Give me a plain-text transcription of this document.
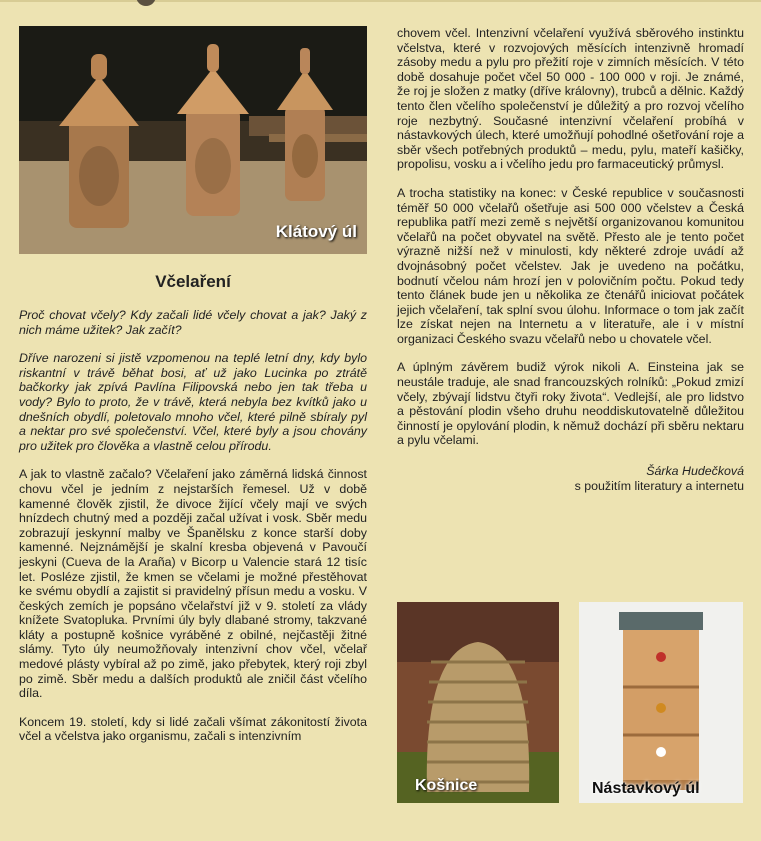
Klátový úl
Včelaření

Proč chovat včely? Kdy začali lidé včely chovat a jak? Jaký z nich máme užitek? Jak začít?

Dříve narozeni si jistě vzpomenou na teplé letní dny, kdy bylo riskantní v trávě běhat bosi, ať už jako Lucinka po ztrátě bačkorky jak zpívá Pavlína Filipovská nebo jen tak třeba u vody? Bylo to proto, že v trávě, která nebyla bez kvítků jako u dnešních obydlí, poletovalo mnoho včel, které pilně sbíraly pyl a nektar pro své společenství. Včel, které byly a jsou chovány pro užitek pro člověka a vlastně celou přírodu.

A jak to vlastně začalo? Včelaření jako záměrná lidská činnost chovu včel je jedním z nejstarších řemesel. Už v době kamenné člověk zjistil, že divoce žijící včely mají ve svých hnízdech chutný med a později začal užívat i vosk. Sběr medu zobrazují jeskynní malby ve Španělsku z konce starší doby kamenné. Nejznámější je skalní kresba objevená v Pavoučí jeskyni (Cueva de la Araña) v Bicorp u Valencie stará 12 tisíc let. Posléze zjistil, že kmen se včelami je možné přestěhovat ke svému obydlí a zajistit si pravidelný přísun medu a vosku. V českých zemích je popsáno včelařství již v 9. století za vlády knížete Svatopluka. Prvními úly byly dlabané stromy, takzvané kláty a postupně košnice vyráběné z obilné, nejčastěji žitné slámy. Tyto úly neumožňovaly intenzivní chov včel, včelař medové plásty vybíral až po zimě, jako přebytek, který roji zbyl po zimě. Sběr medu a dalších produktů ale zničil část včelího díla.

Koncem 19. století, kdy si lidé začali všímat zákonitostí života včel a včelstva jako organismu, začali s intenzivním

chovem včel. Intenzivní včelaření využívá sběrového instinktu včelstva, které v rozvojových měsících intenzivně hromadí zásoby medu a pylu pro přežití roje v zimních měsících. V této době dosahuje počet včel 50 000 - 100 000 v roji. Je známé, že roj je složen z matky (dříve královny), trubců a dělnic. Každý tento člen včelího společenství je důležitý a pro rozvoj včelího roje nezbytný. Současné intenzivní včelaření probíhá v nástavkových úlech, které umožňují pohodlné ošetřování roje a sběr všech potřebných produktů – medu, pylu, mateří kašičky, propolisu, vosku a i včelího jedu pro farmaceutický průmysl.

A trocha statistiky na konec: v České republice v současnosti téměř 50 000 včelařů ošetřuje asi 500 000 včelstev a Česká republika patří mezi země s největší organizovanou komunitou včelařů na počet obyvatel na světě. Přesto ale je tento počet výrazně nižší než v minulosti, kdy některé zdroje uvádí až dvojnásobný počet včelstev. Jak je uvedeno na počátku, bodnutí včelou nám hrozí jen v polovičním počtu. Pokud tedy tento článek bude jen u několika ze čtenářů iniciovat počátek jejich včelaření, tak splní svou úlohu. Informace o tom jak začít lze získat nejen na Internetu a v literatuře, ale i v místní organizaci Českého svazu včelařů nebo u chovatele včel.

A úplným závěrem budiž výrok nikoli A. Einsteina jak se neustále traduje, ale snad francouzských rolníků: „Pokud zmizí včely, zbývají lidstvu čtyři roky života“. Vedlejší, ale pro lidstvo a pěstování plodin všeho druhu neoddiskutovatelně důležitou činností je opylování plodin, k němuž dochází při sběru nektaru a pylu včelami.

Šárka Hudečková
s použitím literatury a internetu
Košnice	Nástavkový úl
